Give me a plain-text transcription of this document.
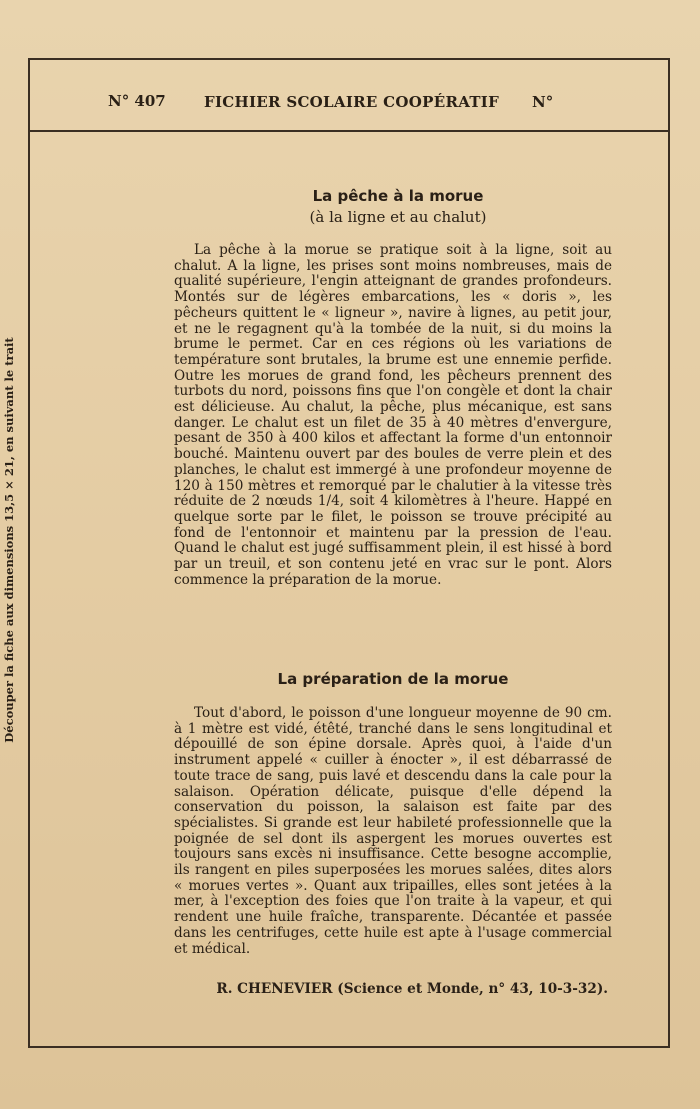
N° 407	FICHIER SCOLAIRE COOPÉRATIF N°
Découper la fiche aux dimensions 13,5 × 21, en suivant le trait
La pêche à la morue
(à la ligne et au chalut)
La pêche à la morue se pratique soit à la ligne, soit au chalut. A la ligne, les prises sont moins nombreuses, mais de qualité supérieure, l'engin atteignant de grandes profondeurs. Montés sur de légères embarcations, les « doris », les pêcheurs quittent le « ligneur », navire à lignes, au petit jour, et ne le regagnent qu'à la tombée de la nuit, si du moins la brume le permet. Car en ces régions où les variations de température sont brutales, la brume est une ennemie perfide. Outre les morues de grand fond, les pêcheurs prennent des turbots du nord, poissons fins que l'on congèle et dont la chair est délicieuse. Au chalut, la pêche, plus mécanique, est sans danger. Le chalut est un filet de 35 à 40 mètres d'envergure, pesant de 350 à 400 kilos et affectant la forme d'un entonnoir bouché. Maintenu ouvert par des boules de verre plein et des planches, le chalut est immergé à une profondeur moyenne de 120 à 150 mètres et remorqué par le chalutier à la vitesse très réduite de 2 nœuds 1/4, soit 4 kilomètres à l'heure. Happé en quelque sorte par le filet, le poisson se trouve précipité au fond de l'entonnoir et maintenu par la pression de l'eau. Quand le chalut est jugé suffisamment plein, il est hissé à bord par un treuil, et son contenu jeté en vrac sur le pont. Alors commence la préparation de la morue.
La préparation de la morue
Tout d'abord, le poisson d'une longueur moyenne de 90 cm. à 1 mètre est vidé, étêté, tranché dans le sens longitudinal et dépouillé de son épine dorsale. Après quoi, à l'aide d'un instrument appelé « cuiller à énocter », il est débarrassé de toute trace de sang, puis lavé et descendu dans la cale pour la salaison. Opération délicate, puisque d'elle dépend la conservation du poisson, la salaison est faite par des spécialistes. Si grande est leur habileté professionnelle que la poignée de sel dont ils aspergent les morues ouvertes est toujours sans excès ni insuffisance. Cette besogne accomplie, ils rangent en piles superposées les morues salées, dites alors « morues vertes ». Quant aux tripailles, elles sont jetées à la mer, à l'exception des foies que l'on traite à la vapeur, et qui rendent une huile fraîche, transparente. Décantée et passée dans les centrifuges, cette huile est apte à l'usage commercial et médical.
R. CHENEVIER (Science et Monde, n° 43, 10-3-32).
